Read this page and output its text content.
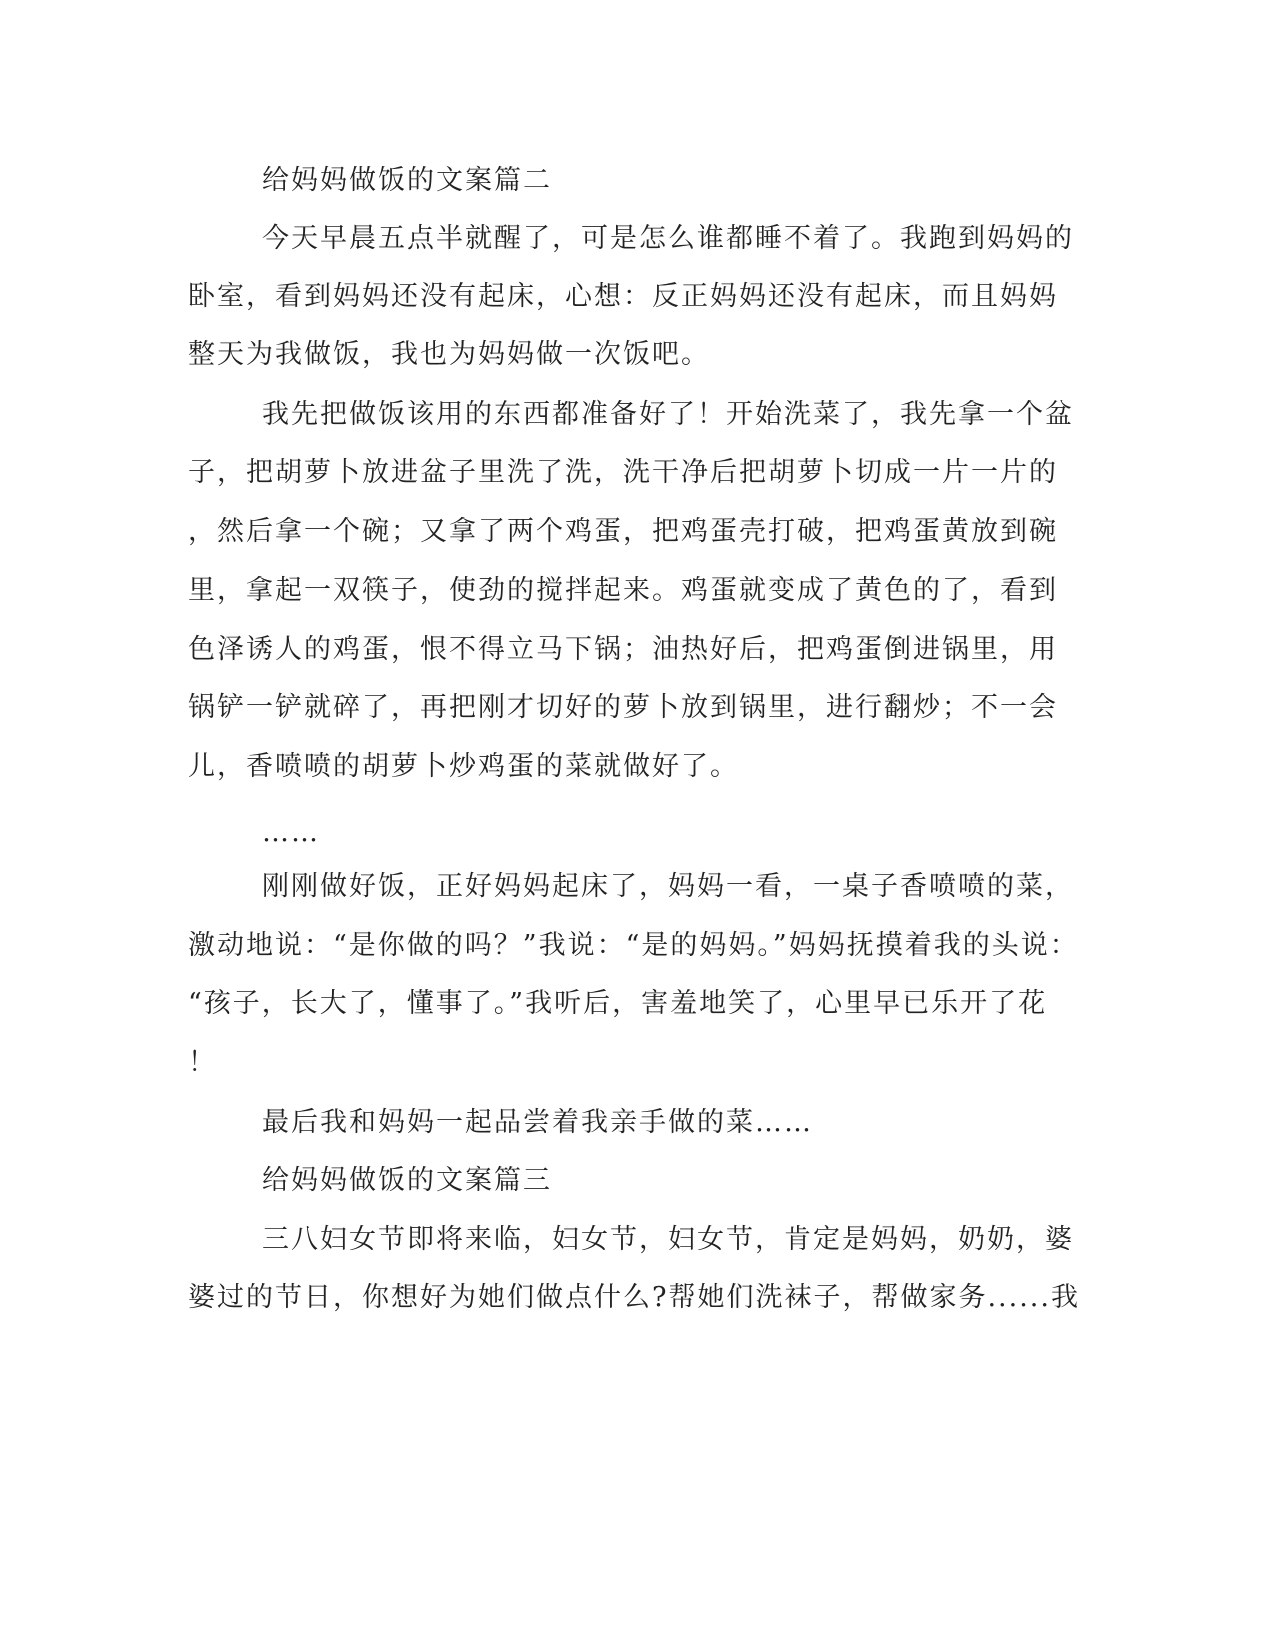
给妈妈做饭的文案篇二
今天早晨五点半就醒了，可是怎么谁都睡不着了。我跑到妈妈的
卧室，看到妈妈还没有起床，心想：反正妈妈还没有起床，而且妈妈
整天为我做饭，我也为妈妈做一次饭吧。
我先把做饭该用的东西都准备好了！开始洗菜了，我先拿一个盆
子，把胡萝卜放进盆子里洗了洗，洗干净后把胡萝卜切成一片一片的
，然后拿一个碗；又拿了两个鸡蛋，把鸡蛋壳打破，把鸡蛋黄放到碗
里，拿起一双筷子，使劲的搅拌起来。鸡蛋就变成了黄色的了，看到
色泽诱人的鸡蛋，恨不得立马下锅；油热好后，把鸡蛋倒进锅里，用
锅铲一铲就碎了，再把刚才切好的萝卜放到锅里，进行翻炒；不一会
儿，香喷喷的胡萝卜炒鸡蛋的菜就做好了。
……
刚刚做好饭，正好妈妈起床了，妈妈一看，一桌子香喷喷的菜，
激动地说：“是你做的吗？”我说：“是的妈妈。”妈妈抚摸着我的头说：
“孩子，长大了，懂事了。”我听后，害羞地笑了，心里早已乐开了花
！
最后我和妈妈一起品尝着我亲手做的菜……
给妈妈做饭的文案篇三
三八妇女节即将来临，妇女节，妇女节，肯定是妈妈，奶奶，婆
婆过的节日，你想好为她们做点什么?帮她们洗袜子，帮做家务......我
